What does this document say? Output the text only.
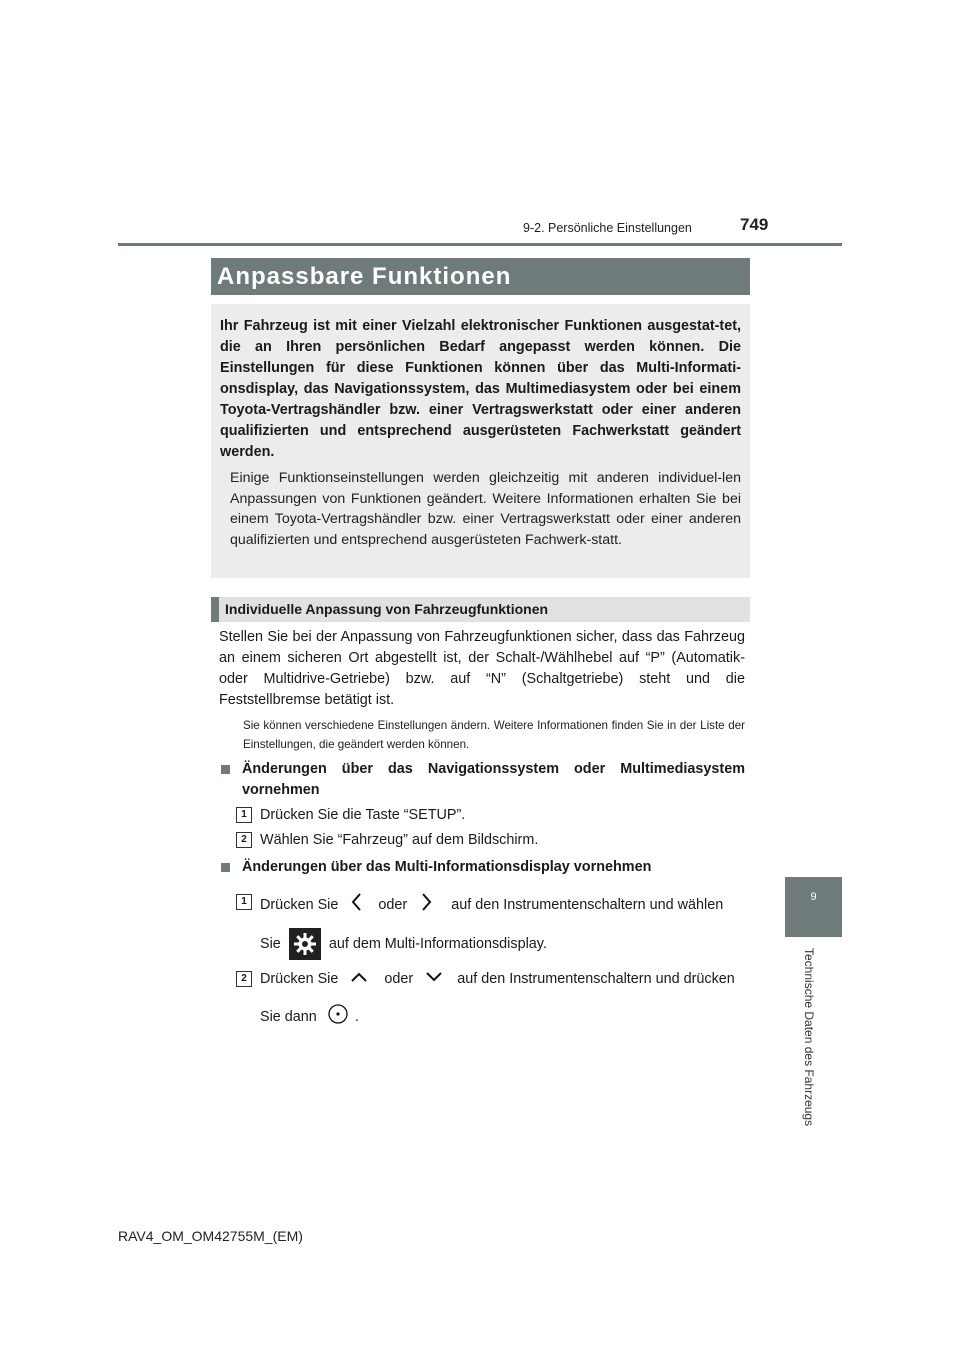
9-2. Persönliche Einstellungen	749
9
Technische Daten des Fahrzeugs
Anpassbare Funktionen

Ihr Fahrzeug ist mit einer Vielzahl elektronischer Funktionen ausgestat-tet, die an Ihren persönlichen Bedarf angepasst werden können. Die Einstellungen für diese Funktionen können über das Multi-Informati-onsdisplay, das Navigationssystem, das Multimediasystem oder bei einem Toyota-Vertragshändler bzw. einer Vertragswerkstatt oder einer anderen qualifizierten und entsprechend ausgerüsteten Fachwerkstatt geändert werden.

Einige Funktionseinstellungen werden gleichzeitig mit anderen individuel-len Anpassungen von Funktionen geändert. Weitere Informationen erhalten Sie bei einem Toyota-Vertragshändler bzw. einer Vertragswerkstatt oder einer anderen qualifizierten und entsprechend ausgerüsteten Fachwerk-statt.

Individuelle Anpassung von Fahrzeugfunktionen

Stellen Sie bei der Anpassung von Fahrzeugfunktionen sicher, dass das Fahrzeug an einem sicheren Ort abgestellt ist, der Schalt-/Wählhebel auf “P” (Automatik- oder Multidrive-Getriebe) bzw. auf “N” (Schaltgetriebe) steht und die Feststellbremse betätigt ist.

Sie können verschiedene Einstellungen ändern. Weitere Informationen finden Sie in der Liste der Einstellungen, die geändert werden können.

Änderungen über das Navigationssystem oder Multimediasystem vornehmen
1 Drücken Sie die Taste “SETUP”.
2 Wählen Sie “Fahrzeug” auf dem Bildschirm.
Änderungen über das Multi-Informationsdisplay vornehmen
1 Drücken Sie	oder	auf den Instrumentenschaltern und wählen
Sie	auf dem Multi-Informationsdisplay.
2 Drücken Sie	oder	auf den Instrumentenschaltern und drücken
Sie dann	.
RAV4_OM_OM42755M_(EM)
